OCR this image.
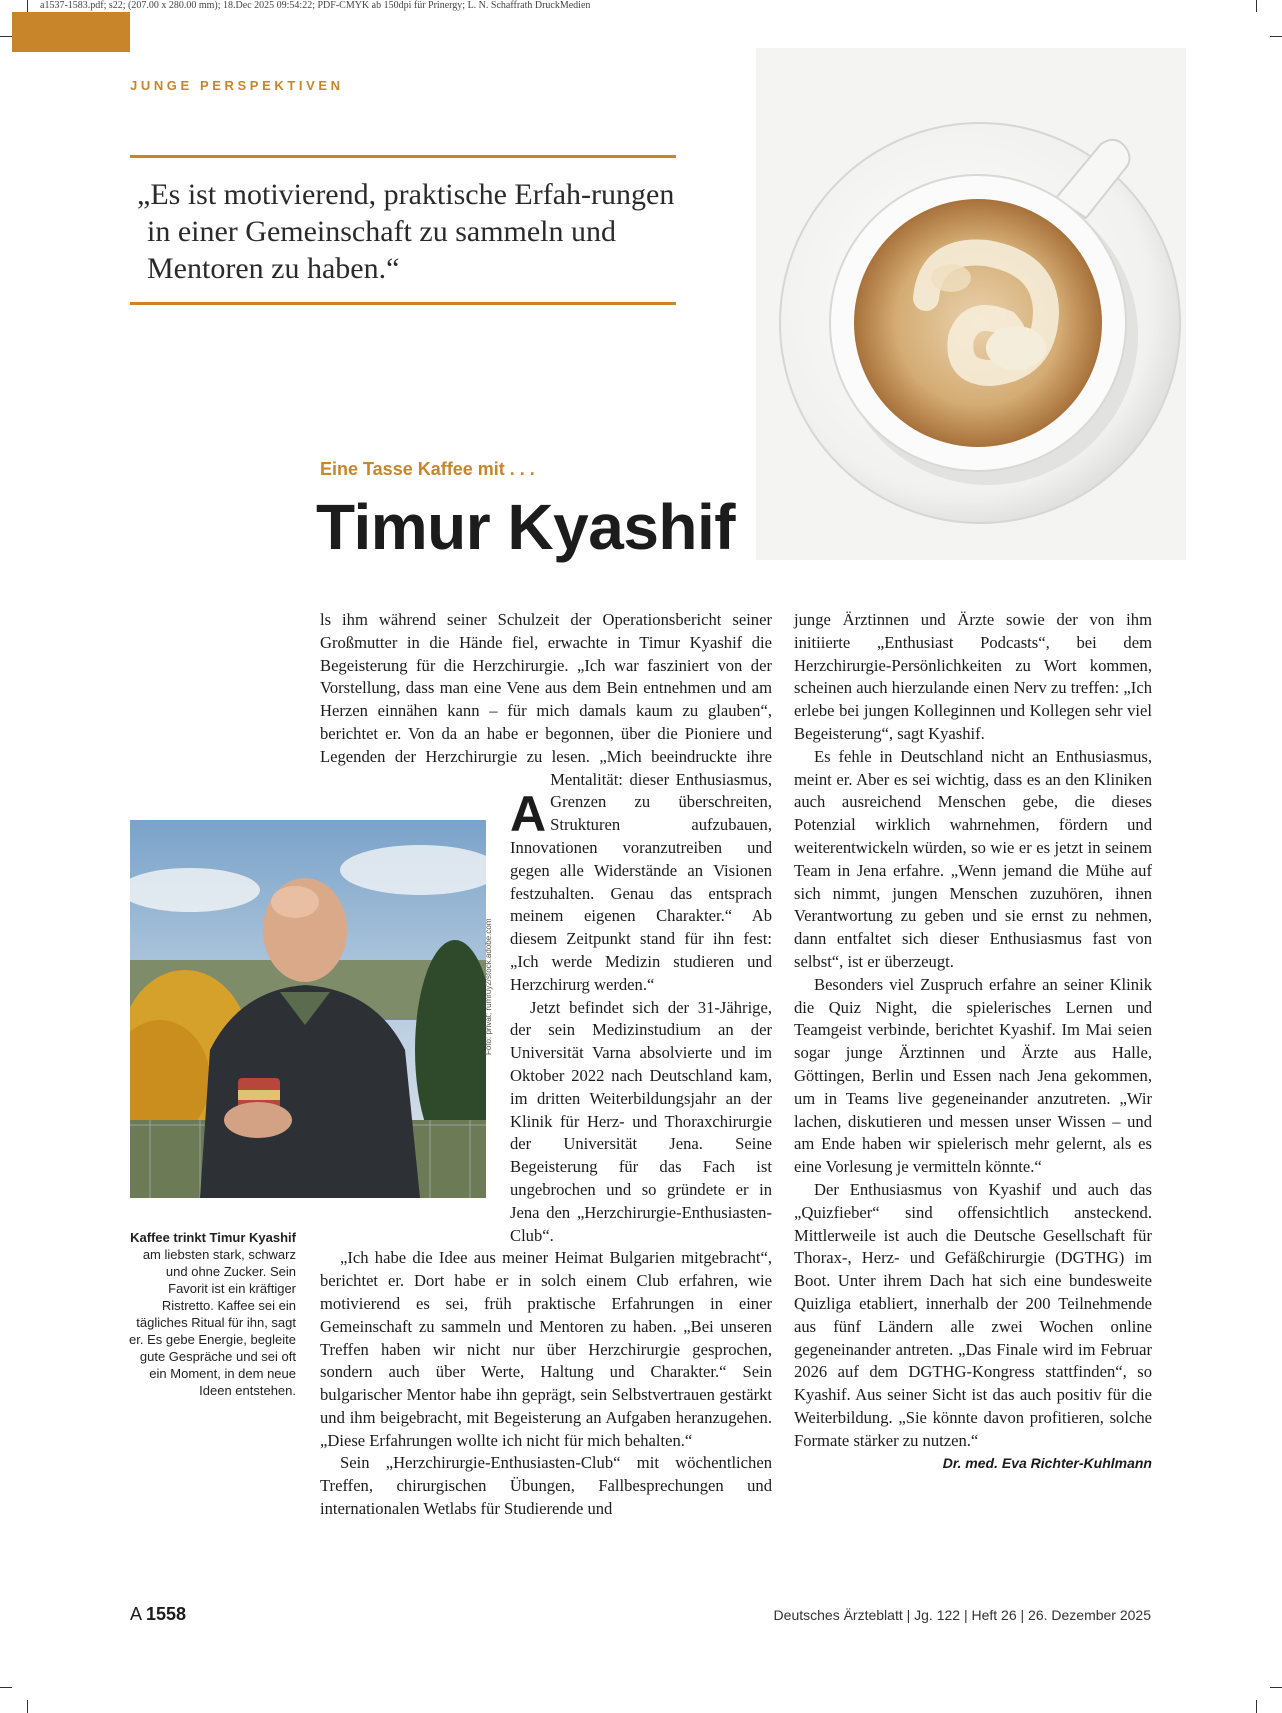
a1537-1583.pdf; s22; (207.00 x 280.00 mm); 18.Dec 2025 09:54:22; PDF-CMYK ab 150dpi für Prinergy; L. N. Schaffrath DruckMedien
JUNGE PERSPEKTIVEN

„Es ist motivierend, praktische Erfah-rungen in einer Gemeinschaft zu sammeln und Mentoren zu haben.“

Eine Tasse Kaffee mit . . .
Timur Kyashif
Foto: privat; rumruy2/stock.adobe.com
Kaffee trinkt Timur Kyashif am liebsten stark, schwarz und ohne Zucker. Sein Favorit ist ein kräftiger Ristretto. Kaffee sei ein tägliches Ritual für ihn, sagt er. Es gebe Energie, begleite gute Gespräche und sei oft ein Moment, in dem neue Ideen entstehen.

A
ls ihm während seiner Schulzeit der Operationsbericht seiner Großmutter in die Hände fiel, erwachte in Timur Kyashif die Begeisterung für die Herzchirurgie. „Ich war fasziniert von der Vorstellung, dass man eine Vene aus dem Bein entnehmen und am Herzen einnähen kann – für mich damals kaum zu glauben“, berichtet er. Von da an habe er begonnen, über die Pioniere und Legenden der Herzchirurgie zu lesen. „Mich beeindruckte ihre Mentalität: dieser Enthusiasmus, Grenzen zu überschreiten, Strukturen aufzubauen, Innovationen voranzutreiben und gegen alle Widerstände an Visionen festzuhalten. Genau das entsprach meinem eigenen Charakter.“ Ab diesem Zeitpunkt stand für ihn fest: „Ich werde Medizin studieren und Herzchirurg werden.“

Jetzt befindet sich der 31-Jährige, der sein Medizinstudium an der Universität Varna absolvierte und im Oktober 2022 nach Deutschland kam, im dritten Weiterbildungsjahr an der Klinik für Herz- und Thoraxchirurgie der Universität Jena. Seine Begeisterung für das Fach ist ungebrochen und so gründete er in Jena den „Herzchirurgie-Enthusiasten-Club“.

„Ich habe die Idee aus meiner Heimat Bulgarien mitgebracht“, berichtet er. Dort habe er in solch einem Club erfahren, wie motivierend es sei, früh praktische Erfahrungen in einer Gemeinschaft zu sammeln und Mentoren zu haben. „Bei unseren Treffen haben wir nicht nur über Herzchirurgie gesprochen, sondern auch über Werte, Haltung und Charakter.“ Sein bulgarischer Mentor habe ihn geprägt, sein Selbstvertrauen gestärkt und ihm beigebracht, mit Begeisterung an Aufgaben heranzugehen. „Diese Erfahrungen wollte ich nicht für mich behalten.“

Sein „Herzchirurgie-Enthusiasten-Club“ mit wöchentlichen Treffen, chirurgischen Übungen, Fallbesprechungen und internationalen Wetlabs für Studierende und

junge Ärztinnen und Ärzte sowie der von ihm initiierte „Enthusiast Podcasts“, bei dem Herzchirurgie-Persönlichkeiten zu Wort kommen, scheinen auch hierzulande einen Nerv zu treffen: „Ich erlebe bei jungen Kolleginnen und Kollegen sehr viel Begeisterung“, sagt Kyashif.

Es fehle in Deutschland nicht an Enthusiasmus, meint er. Aber es sei wichtig, dass es an den Kliniken auch ausreichend Menschen gebe, die dieses Potenzial wirklich wahrnehmen, fördern und weiterentwickeln würden, so wie er es jetzt in seinem Team in Jena erfahre. „Wenn jemand die Mühe auf sich nimmt, jungen Menschen zuzuhören, ihnen Verantwortung zu geben und sie ernst zu nehmen, dann entfaltet sich dieser Enthusiasmus fast von selbst“, ist er überzeugt.

Besonders viel Zuspruch erfahre an seiner Klinik die Quiz Night, die spielerisches Lernen und Teamgeist verbinde, berichtet Kyashif. Im Mai seien sogar junge Ärztinnen und Ärzte aus Halle, Göttingen, Berlin und Essen nach Jena gekommen, um in Teams live gegeneinander anzutreten. „Wir lachen, diskutieren und messen unser Wissen – und am Ende haben wir spielerisch mehr gelernt, als es eine Vorlesung je vermitteln könnte.“

Der Enthusiasmus von Kyashif und auch das „Quizfieber“ sind offensichtlich ansteckend. Mittlerweile ist auch die Deutsche Gesellschaft für Thorax-, Herz- und Gefäßchirurgie (DGTHG) im Boot. Unter ihrem Dach hat sich eine bundesweite Quizliga etabliert, innerhalb der 200 Teilnehmende aus fünf Ländern alle zwei Wochen online gegeneinander antreten. „Das Finale wird im Februar 2026 auf dem DGTHG-Kongress stattfinden“, so Kyashif. Aus seiner Sicht ist das auch positiv für die Weiterbildung. „Sie könnte davon profitieren, solche Formate stärker zu nutzen.“
Dr. med. Eva Richter-Kuhlmann

A 1558	Deutsches Ärzteblatt | Jg. 122 | Heft 26 | 26. Dezember 2025
